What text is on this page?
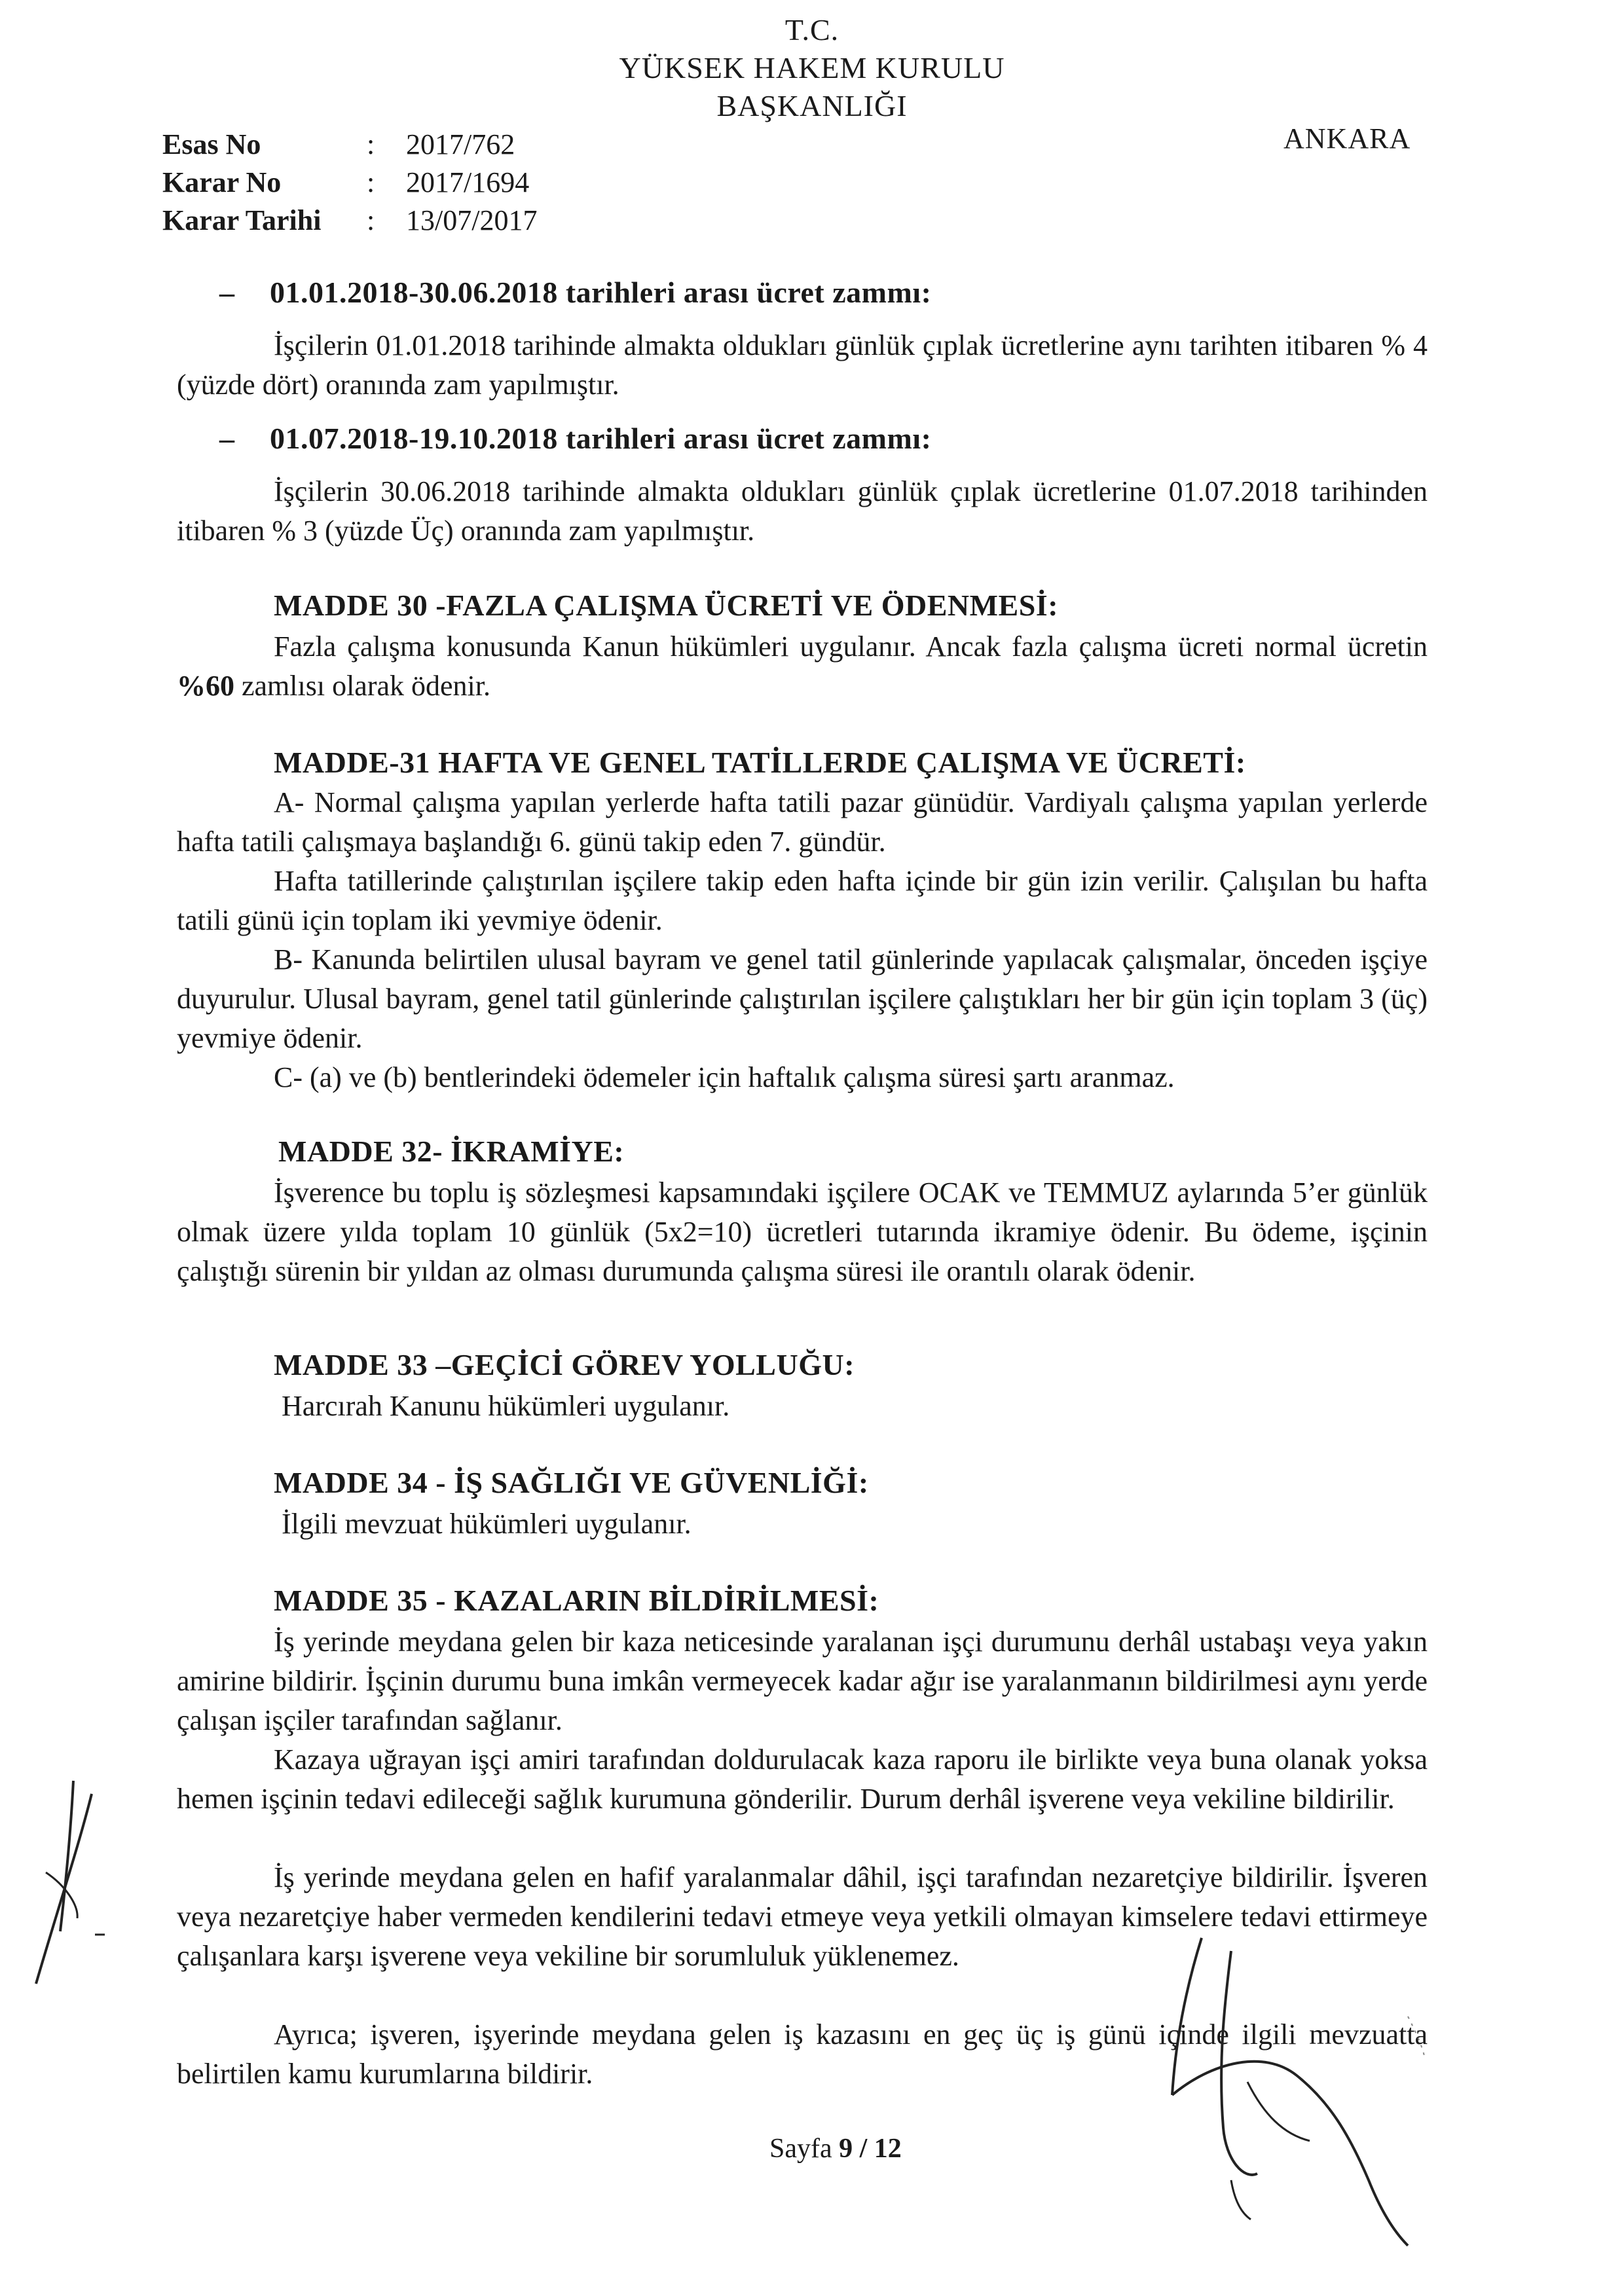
T.C.
YÜKSEK HAKEM KURULU
BAŞKANLIĞI
ANKARA
Esas No	: 2017/762
Karar No	: 2017/1694
Karar Tarihi : 13/07/2017
– 01.01.2018-30.06.2018 tarihleri arası ücret zammı:
İşçilerin 01.01.2018 tarihinde almakta oldukları günlük çıplak ücretlerine aynı tarihten itibaren % 4 (yüzde dört) oranında zam yapılmıştır.
– 01.07.2018-19.10.2018 tarihleri arası ücret zammı:
İşçilerin 30.06.2018 tarihinde almakta oldukları günlük çıplak ücretlerine 01.07.2018 tarihinden itibaren % 3 (yüzde Üç) oranında zam yapılmıştır.
MADDE 30 -FAZLA ÇALIŞMA ÜCRETİ VE ÖDENMESİ:
Fazla çalışma konusunda Kanun hükümleri uygulanır. Ancak fazla çalışma ücreti normal ücretin %60 zamlısı olarak ödenir.
MADDE-31 HAFTA VE GENEL TATİLLERDE ÇALIŞMA VE ÜCRETİ:
A- Normal çalışma yapılan yerlerde hafta tatili pazar günüdür. Vardiyalı çalışma yapılan yerlerde hafta tatili çalışmaya başlandığı 6. günü takip eden 7. gündür.
Hafta tatillerinde çalıştırılan işçilere takip eden hafta içinde bir gün izin verilir. Çalışılan bu hafta tatili günü için toplam iki yevmiye ödenir.
B- Kanunda belirtilen ulusal bayram ve genel tatil günlerinde yapılacak çalışmalar, önceden işçiye duyurulur. Ulusal bayram, genel tatil günlerinde çalıştırılan işçilere çalıştıkları her bir gün için toplam 3 (üç) yevmiye ödenir.
C- (a) ve (b) bentlerindeki ödemeler için haftalık çalışma süresi şartı aranmaz.
MADDE 32- İKRAMİYE:
İşverence bu toplu iş sözleşmesi kapsamındaki işçilere OCAK ve TEMMUZ aylarında 5’er günlük olmak üzere yılda toplam 10 günlük (5x2=10) ücretleri tutarında ikramiye ödenir. Bu ödeme, işçinin çalıştığı sürenin bir yıldan az olması durumunda çalışma süresi ile orantılı olarak ödenir.
MADDE 33 –GEÇİCİ GÖREV YOLLUĞU:
Harcırah Kanunu hükümleri uygulanır.
MADDE 34 - İŞ SAĞLIĞI VE GÜVENLİĞİ:
İlgili mevzuat hükümleri uygulanır.
MADDE 35 - KAZALARIN BİLDİRİLMESİ:
İş yerinde meydana gelen bir kaza neticesinde yaralanan işçi durumunu derhâl ustabaşı veya yakın amirine bildirir. İşçinin durumu buna imkân vermeyecek kadar ağır ise yaralanmanın bildirilmesi aynı yerde çalışan işçiler tarafından sağlanır.
Kazaya uğrayan işçi amiri tarafından doldurulacak kaza raporu ile birlikte veya buna olanak yoksa hemen işçinin tedavi edileceği sağlık kurumuna gönderilir. Durum derhâl işverene veya vekiline bildirilir.
İş yerinde meydana gelen en hafif yaralanmalar dâhil, işçi tarafından nezaretçiye bildirilir. İşveren veya nezaretçiye haber vermeden kendilerini tedavi etmeye veya yetkili olmayan kimselere tedavi ettirmeye çalışanlara karşı işverene veya vekiline bir sorumluluk yüklenemez.
Ayrıca; işveren, işyerinde meydana gelen iş kazasını en geç üç iş günü içinde ilgili mevzuatta belirtilen kamu kurumlarına bildirir.
Sayfa 9 / 12
